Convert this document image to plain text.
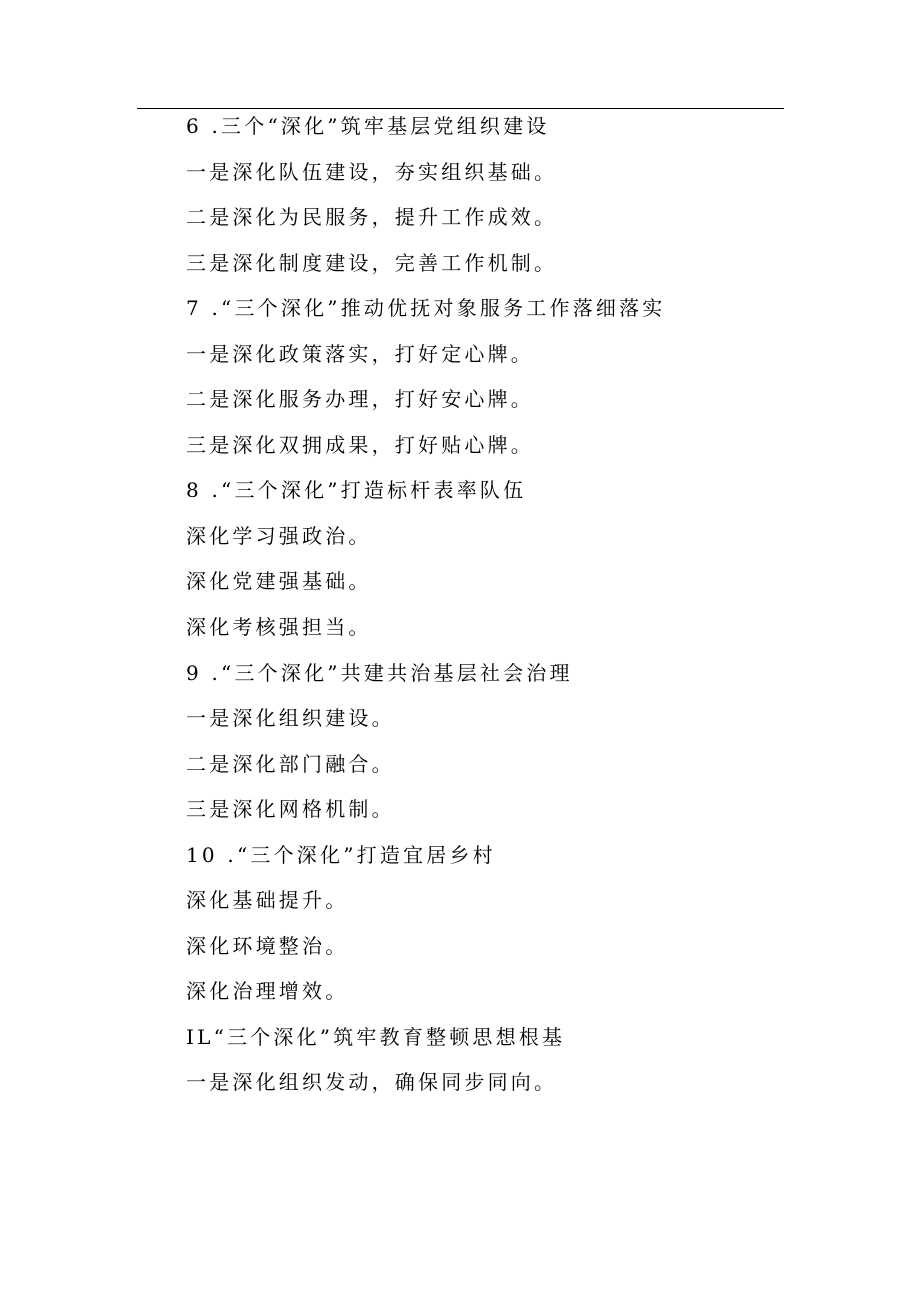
6 .三个“深化”筑牢基层党组织建设
一是深化队伍建设，夯实组织基础。
二是深化为民服务，提升工作成效。
三是深化制度建设，完善工作机制。
7 .“三个深化”推动优抚对象服务工作落细落实
一是深化政策落实，打好定心牌。
二是深化服务办理，打好安心牌。
三是深化双拥成果，打好贴心牌。
8 .“三个深化”打造标杆表率队伍
深化学习强政治。
深化党建强基础。
深化考核强担当。
9 .“三个深化”共建共治基层社会治理
一是深化组织建设。
二是深化部门融合。
三是深化网格机制。
10 .“三个深化”打造宜居乡村
深化基础提升。
深化环境整治。
深化治理增效。
IL“三个深化”筑牢教育整顿思想根基
一是深化组织发动，确保同步同向。
